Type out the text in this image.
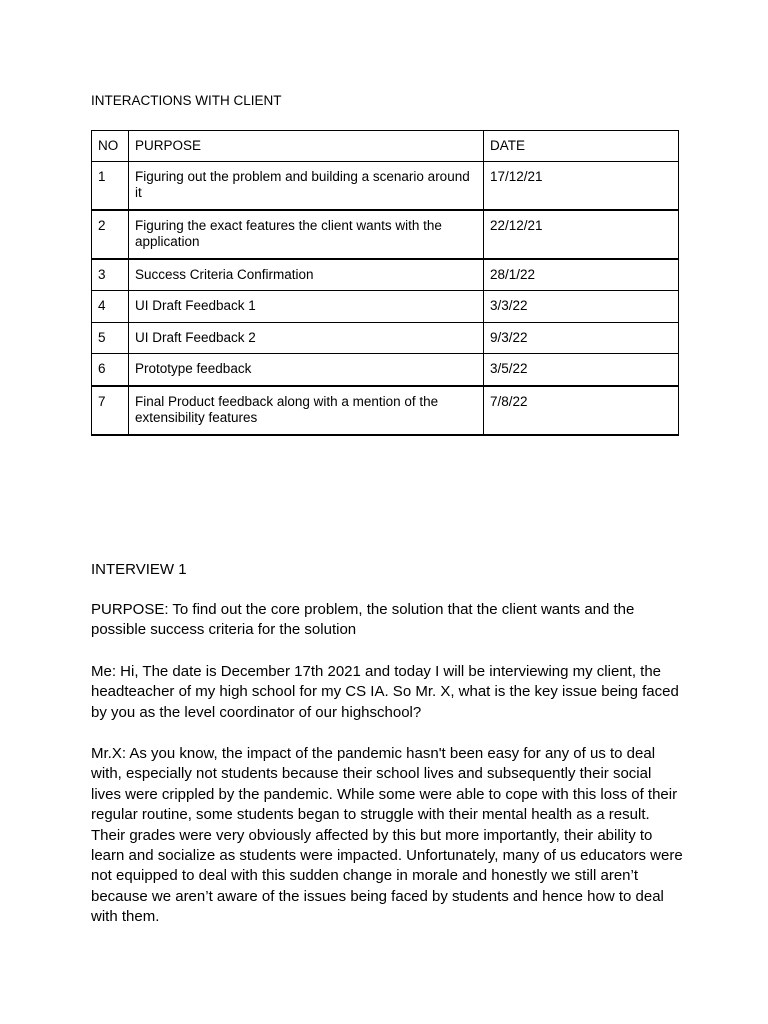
INTERACTIONS WITH CLIENT

NO	PURPOSE	DATE
1	Figuring out the problem and building a scenario around it	17/12/21
2	Figuring the exact features the client wants with the application	22/12/21
3	Success Criteria Confirmation	28/1/22
4	UI Draft Feedback 1	3/3/22
5	UI Draft Feedback 2	9/3/22
6	Prototype feedback	3/5/22
7	Final Product feedback along with a mention of the extensibility features	7/8/22

INTERVIEW 1

PURPOSE: To find out the core problem, the solution that the client wants and the possible success criteria for the solution

Me: Hi, The date is December 17th 2021 and today I will be interviewing my client, the headteacher of my high school for my CS IA. So Mr. X, what is the key issue being faced by you as the level coordinator of our highschool?

Mr.X: As you know, the impact of the pandemic hasn't been easy for any of us to deal with, especially not students because their school lives and subsequently their social lives were crippled by the pandemic. While some were able to cope with this loss of their regular routine, some students began to struggle with their mental health as a result. Their grades were very obviously affected by this but more importantly, their ability to learn and socialize as students were impacted. Unfortunately, many of us educators were not equipped to deal with this sudden change in morale and honestly we still aren’t because we aren’t aware of the issues being faced by students and hence how to deal with them.
